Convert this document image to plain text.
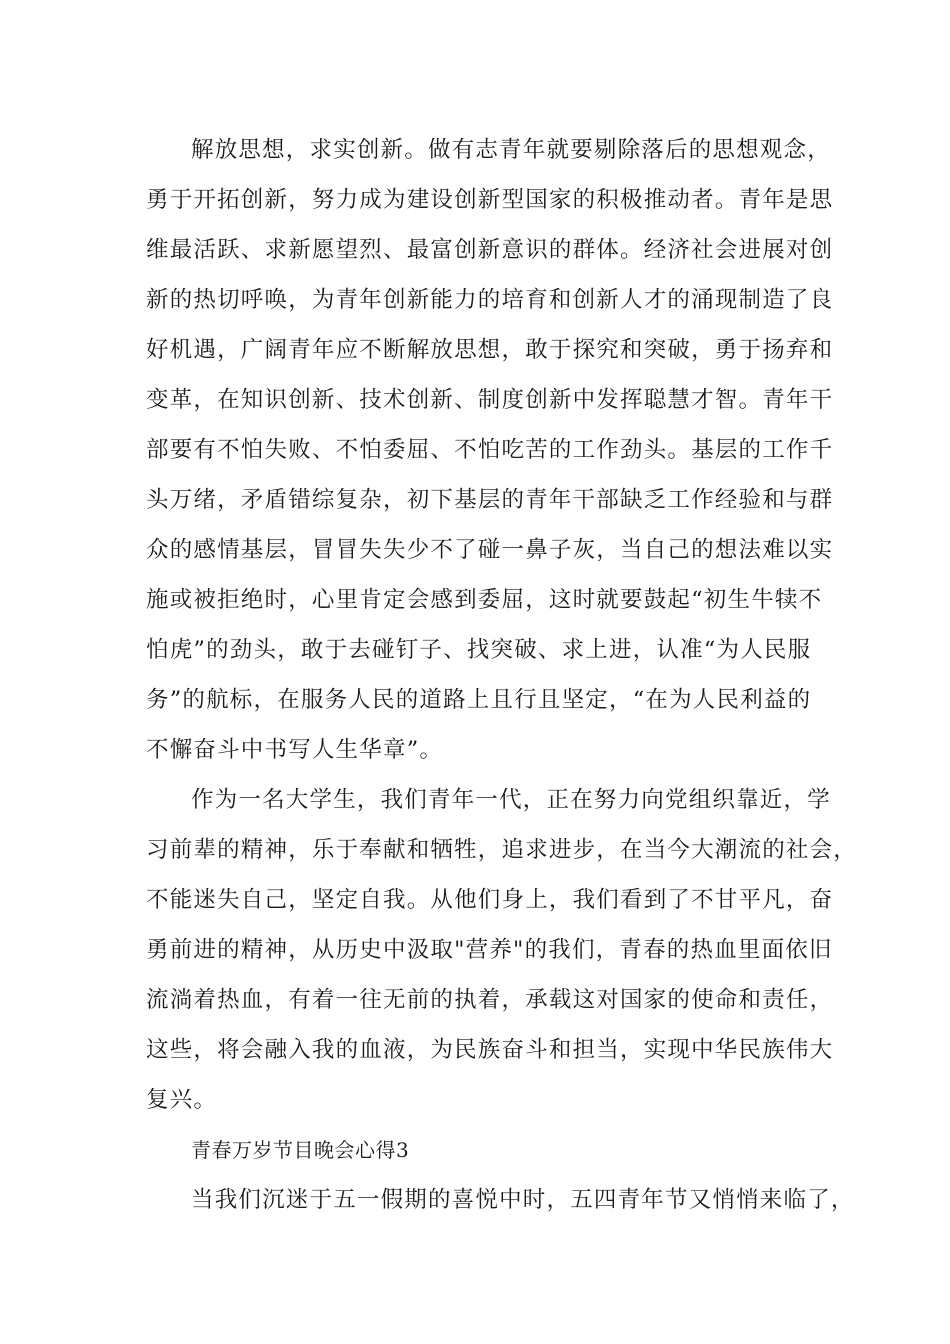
解放思想，求实创新。做有志青年就要剔除落后的思想观念，
勇于开拓创新，努力成为建设创新型国家的积极推动者。青年是思
维最活跃、求新愿望烈、最富创新意识的群体。经济社会进展对创
新的热切呼唤，为青年创新能力的培育和创新人才的涌现制造了良
好机遇，广阔青年应不断解放思想，敢于探究和突破，勇于扬弃和
变革，在知识创新、技术创新、制度创新中发挥聪慧才智。青年干
部要有不怕失败、不怕委屈、不怕吃苦的工作劲头。基层的工作千
头万绪，矛盾错综复杂，初下基层的青年干部缺乏工作经验和与群
众的感情基层，冒冒失失少不了碰一鼻子灰，当自己的想法难以实
施或被拒绝时，心里肯定会感到委屈，这时就要鼓起“初生牛犊不
怕虎”的劲头，敢于去碰钉子、找突破、求上进，认准“为人民服
务”的航标，在服务人民的道路上且行且坚定，“在为人民利益的
不懈奋斗中书写人生华章”。
作为一名大学生，我们青年一代，正在努力向党组织靠近，学
习前辈的精神，乐于奉献和牺牲，追求进步，在当今大潮流的社会，
不能迷失自己，坚定自我。从他们身上，我们看到了不甘平凡，奋
勇前进的精神，从历史中汲取"营养"的我们，青春的热血里面依旧
流淌着热血，有着一往无前的执着，承载这对国家的使命和责任，
这些，将会融入我的血液，为民族奋斗和担当，实现中华民族伟大
复兴。
青春万岁节目晚会心得3
当我们沉迷于五一假期的喜悦中时，五四青年节又悄悄来临了，
